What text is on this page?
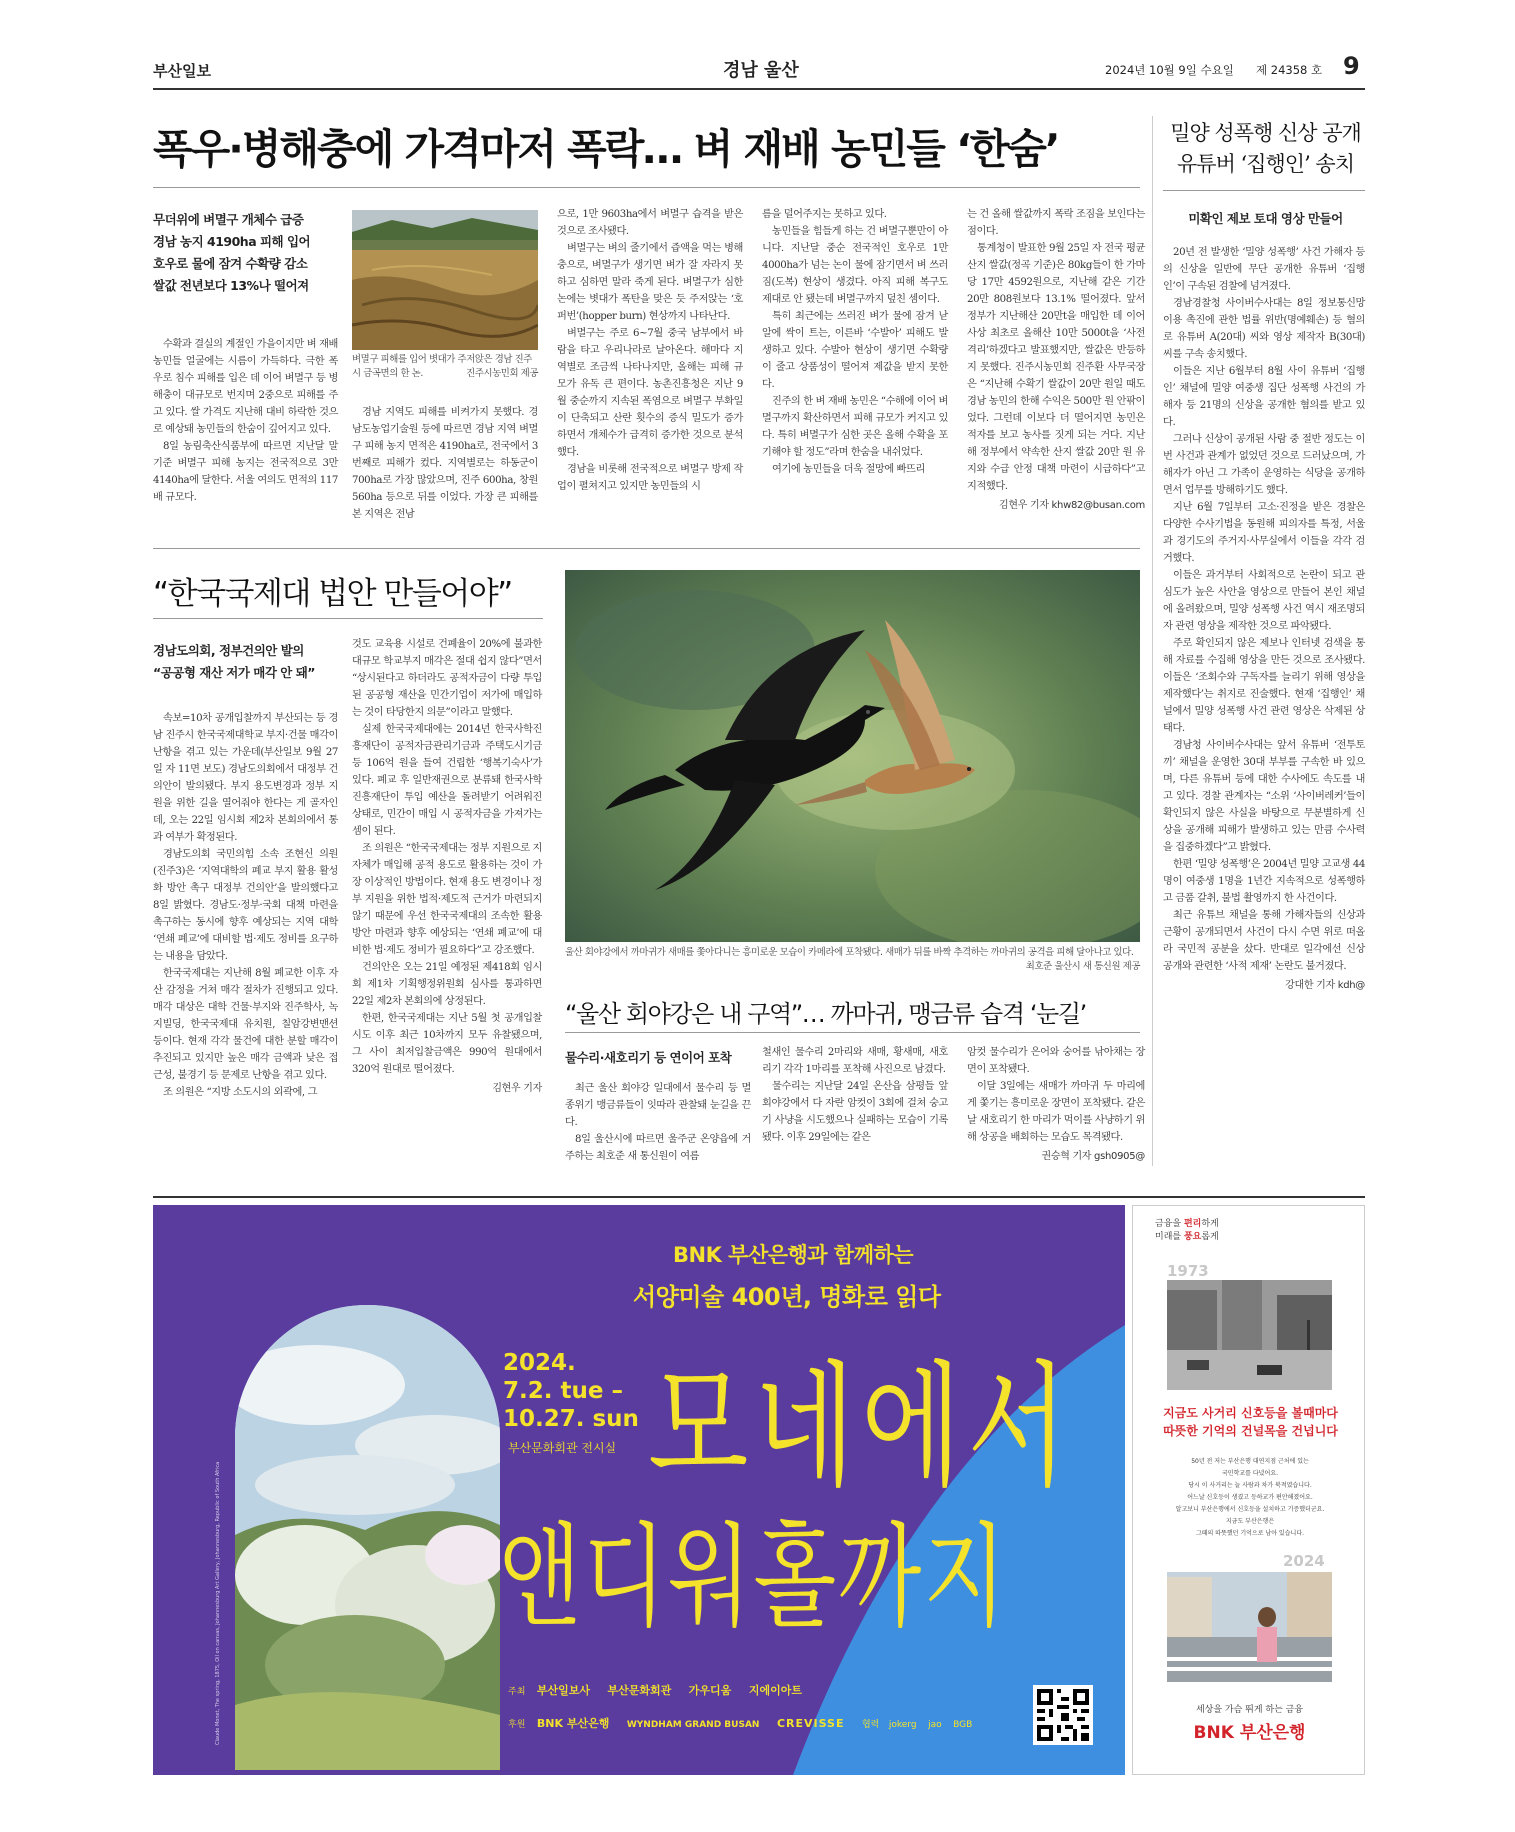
부산일보	경남 울산	2024년 10월 9일 수요일 제 24358 호 9
폭우·병해충에 가격마저 폭락… 벼 재배 농민들 ‘한숨’
무더위에 벼멸구 개체수 급증
경남 농지 4190ha 피해 입어
호우로 물에 잠겨 수확량 감소
쌀값 전년보다 13%나 떨어져

수확과 결실의 계절인 가을이지만 벼 재배 농민들 얼굴에는 시름이 가득하다. 극한 폭우로 침수 피해를 입은 데 이어 벼멸구 등 병해충이 대규모로 번지며 2중으로 피해를 주고 있다. 쌀 가격도 지난해 대비 하락한 것으로 예상돼 농민들의 한숨이 깊어지고 있다.

8일 농림축산식품부에 따르면 지난달 말 기준 벼멸구 피해 농지는 전국적으로 3만 4140ha에 달한다. 서울 여의도 면적의 117배 규모다.

벼멸구 피해를 입어 볏대가 주저앉은 경남 진주시 금곡면의 한 논.	진주시농민회 제공

경남 지역도 피해를 비켜가지 못했다. 경남도농업기술원 등에 따르면 경남 지역 벼멸구 피해 농지 면적은 4190ha로, 전국에서 3번째로 피해가 컸다. 지역별로는 하동군이 700ha로 가장 많았으며, 진주 600ha, 창원 560ha 등으로 뒤를 이었다. 가장 큰 피해를 본 지역은 전남

으로, 1만 9603ha에서 벼멸구 습격을 받은 것으로 조사됐다.

벼멸구는 벼의 줄기에서 즙액을 먹는 병해충으로, 벼멸구가 생기면 벼가 잘 자라지 못하고 심하면 말라 죽게 된다. 벼멸구가 심한 논에는 볏대가 폭탄을 맞은 듯 주저앉는 ‘호퍼번’(hopper burn) 현상까지 나타난다.

벼멸구는 주로 6~7월 중국 남부에서 바람을 타고 우리나라로 날아온다. 해마다 지역별로 조금씩 나타나지만, 올해는 피해 규모가 유독 큰 편이다. 농촌진흥청은 지난 9월 중순까지 지속된 폭염으로 벼멸구 부화일이 단축되고 산란 횟수의 증식 밀도가 증가하면서 개체수가 급격히 증가한 것으로 분석했다.

경남을 비롯해 전국적으로 벼멸구 방제 작업이 펼쳐지고 있지만 농민들의 시

름을 덜어주지는 못하고 있다.

농민들을 힘들게 하는 건 벼멸구뿐만이 아니다. 지난달 중순 전국적인 호우로 1만 4000ha가 넘는 논이 물에 잠기면서 벼 쓰러짐(도복) 현상이 생겼다. 아직 피해 복구도 제대로 안 됐는데 벼멸구까지 덮친 셈이다.

특히 최근에는 쓰러진 벼가 물에 잠겨 낟알에 싹이 트는, 이른바 ‘수발아’ 피해도 발생하고 있다. 수발아 현상이 생기면 수확량이 줄고 상품성이 떨어져 제값을 받지 못한다.

진주의 한 벼 재배 농민은 “수해에 이어 벼멸구까지 확산하면서 피해 규모가 커지고 있다. 특히 벼멸구가 심한 곳은 올해 수확을 포기해야 할 정도”라며 한숨을 내쉬었다.

여기에 농민들을 더욱 절망에 빠뜨리

는 건 올해 쌀값까지 폭락 조짐을 보인다는 점이다.

통계청이 발표한 9월 25일 자 전국 평균 산지 쌀값(정곡 기준)은 80kg들이 한 가마당 17만 4592원으로, 지난해 같은 기간 20만 808원보다 13.1% 떨어졌다. 앞서 정부가 지난해산 20만t을 매입한 데 이어 사상 최초로 올해산 10만 5000t을 ‘사전 격리’하겠다고 발표했지만, 쌀값은 반등하지 못했다. 진주시농민회 진주환 사무국장은 “지난해 수확기 쌀값이 20만 원일 때도 경남 농민의 한해 수익은 500만 원 안팎이었다. 그런데 이보다 더 떨어지면 농민은 적자를 보고 농사를 짓게 되는 거다. 지난해 정부에서 약속한 산지 쌀값 20만 원 유지와 수급 안정 대책 마련이 시급하다”고 지적했다.

김현우 기자 khw82@busan.com
“한국국제대 법안 만들어야”
경남도의회, 정부건의안 발의
“공공형 재산 저가 매각 안 돼”

속보=10차 공개입찰까지 부산되는 등 경남 진주시 한국국제대학교 부지·건물 매각이 난항을 겪고 있는 가운데(부산일보 9월 27일 자 11면 보도) 경남도의회에서 대정부 건의안이 발의됐다. 부지 용도변경과 정부 지원을 위한 길을 열어줘야 한다는 게 골자인데, 오는 22일 임시회 제2차 본회의에서 통과 여부가 확정된다.

경남도의회 국민의힘 소속 조현신 의원(진주3)은 ‘지역대학의 폐교 부지 활용 활성화 방안 촉구 대정부 건의안’을 발의했다고 8일 밝혔다. 경남도·정부·국회 대책 마련을 촉구하는 동시에 향후 예상되는 지역 대학 ‘연쇄 폐교’에 대비할 법·제도 정비를 요구하는 내용을 담았다.

한국국제대는 지난해 8월 폐교한 이후 자산 감정을 거쳐 매각 절차가 진행되고 있다. 매각 대상은 대학 건물·부지와 진주학사, 녹지빌딩, 한국국제대 유치원, 칠암강변맨션 등이다. 현재 각각 물건에 대한 분할 매각이 추진되고 있지만 높은 매각 금액과 낮은 접근성, 불경기 등 문제로 난항을 겪고 있다.

조 의원은 “지방 소도시의 외곽에, 그

것도 교육용 시설로 건폐율이 20%에 불과한 대규모 학교부지 매각은 절대 쉽지 않다”면서 “상시된다고 하더라도 공적자금이 다량 투입된 공공형 재산을 민간기업이 저가에 매입하는 것이 타당한지 의문”이라고 말했다.

실제 한국국제대에는 2014년 한국사학진흥재단이 공적자금관리기금과 주택도시기금 등 106억 원을 들여 건립한 ‘행복기숙사’가 있다. 폐교 후 일반재권으로 분류돼 한국사학진흥재단이 투입 예산을 돌려받기 어려워진 상태로, 민간이 매입 시 공적자금을 가져가는 셈이 된다.

조 의원은 “한국국제대는 정부 지원으로 지자체가 매입해 공적 용도로 활용하는 것이 가장 이상적인 방법이다. 현재 용도 변경이나 정부 지원을 위한 법적·제도적 근거가 마련되지 않기 때문에 우선 한국국제대의 조속한 활용 방안 마련과 향후 예상되는 ‘연쇄 폐교’에 대비한 법·제도 정비가 필요하다”고 강조했다.

건의안은 오는 21일 예정된 제418회 임시회 제1차 기획행정위원회 심사를 통과하면 22일 제2차 본회의에 상정된다.

한편, 한국국제대는 지난 5월 첫 공개입찰 시도 이후 최근 10차까지 모두 유찰됐으며, 그 사이 최저입찰금액은 990억 원대에서 320억 원대로 떨어졌다.

김현우 기자
울산 회야강에서 까마귀가 새매를 쫓아다니는 흥미로운 모습이 카메라에 포착됐다. 새매가 뒤를 바짝 추격하는 까마귀의 공격을 피해 달아나고 있다.
최호준 울산시 새 통신원 제공
“울산 회야강은 내 구역”… 까마귀, 맹금류 습격 ‘눈길’
물수리·새호리기 등 연이어 포착

최근 울산 회야강 일대에서 물수리 등 멸종위기 맹금류들이 잇따라 관찰돼 눈길을 끈다.

8일 울산시에 따르면 울주군 온양읍에 거주하는 최호준 새 통신원이 여름

철새인 물수리 2마리와 새매, 황새매, 새호리기 각각 1마리를 포착해 사진으로 남겼다.

물수리는 지난달 24일 온산읍 삼평들 앞 회야강에서 다 자란 암컷이 3회에 걸쳐 숭고기 사냥을 시도했으나 실패하는 모습이 기록됐다. 이후 29일에는 같은

암컷 물수리가 은어와 숭어를 낚아채는 장면이 포착됐다.

이달 3일에는 새매가 까마귀 두 마리에게 쫓기는 흥미로운 장면이 포착됐다. 같은 날 새호리기 한 마리가 먹이를 사냥하기 위해 상공을 배회하는 모습도 목격됐다.

권승혁 기자 gsh0905@
밀양 성폭행 신상 공개 유튜버 ‘집행인’ 송치
미확인 제보 토대 영상 만들어

20년 전 발생한 ‘밀양 성폭행’ 사건 가해자 등의 신상을 일반에 무단 공개한 유튜버 ‘집행인’이 구속된 검찰에 넘겨졌다.

경남경찰청 사이버수사대는 8일 정보통신망 이용 촉진에 관한 법률 위반(명예훼손) 등 혐의로 유튜버 A(20대) 씨와 영상 제작자 B(30대) 씨를 구속 송치했다.

이들은 지난 6월부터 8월 사이 유튜버 ‘집행인’ 채널에 밀양 여중생 집단 성폭행 사건의 가해자 등 21명의 신상을 공개한 혐의를 받고 있다.

그러나 신상이 공개된 사람 중 절반 정도는 이번 사건과 관계가 없었던 것으로 드러났으며, 가해자가 아닌 그 가족이 운영하는 식당을 공개하면서 업무를 방해하기도 했다.

지난 6월 7일부터 고소·진정을 받은 경찰은 다양한 수사기법을 동원해 피의자를 특정, 서울과 경기도의 주거지·사무실에서 이들을 각각 검거했다.

이들은 과거부터 사회적으로 논란이 되고 관심도가 높은 사안을 영상으로 만들어 본인 채널에 올려왔으며, 밀양 성폭행 사건 역시 재조명되자 관련 영상을 제작한 것으로 파악됐다.

주로 확인되지 않은 제보나 인터넷 검색을 통해 자료를 수집해 영상을 만든 것으로 조사됐다. 이들은 ‘조회수와 구독자를 늘리기 위해 영상을 제작했다’는 취지로 진술했다. 현재 ‘집행인’ 채널에서 밀양 성폭행 사건 관련 영상은 삭제된 상태다.

경남청 사이버수사대는 앞서 유튜버 ‘전투토끼’ 채널을 운영한 30대 부부를 구속한 바 있으며, 다른 유튜버 등에 대한 수사에도 속도를 내고 있다. 경찰 관계자는 “소위 ‘사이버레커’들이 확인되지 않은 사실을 바탕으로 무분별하게 신상을 공개해 피해가 발생하고 있는 만큼 수사력을 집중하겠다”고 밝혔다.

한편 ‘밀양 성폭행’은 2004년 밀양 고교생 44명이 여중생 1명을 1년간 지속적으로 성폭행하고 금품 갈취, 불법 촬영까지 한 사건이다.

최근 유튜브 채널을 통해 가해자들의 신상과 근황이 공개되면서 사건이 다시 수면 위로 떠올라 국민적 공분을 샀다. 반대로 일각에선 신상 공개와 관련한 ‘사적 제재’ 논란도 불거졌다.

강대한 기자 kdh@
BNK 부산은행과 함께하는
서양미술 400년, 명화로 읽다
Claude Monet, The spring, 1875, Oil on canvas, Johannesburg Art Gallery, Johannesburg, Republic of South Africa
2024.
7.2. tue –
10.27. sun
부산문화회관 전시실 모네에서
앤디워홀까지
주최 부산일보사 부산문화회관 가우디움 지에이아트
후원 BNK 부산은행 WYNDHAM GRAND BUSAN CREVISSE 협력 jokerg jao BGB
금융을 편리하게
미래를 풍요롭게
1973
지금도 사거리 신호등을 볼때마다 따뜻한 기억의 건널목을 건넙니다
50년 전 저는 부산은행 대연지점 근처에 있는
국민학교를 다녔어요.
당시 이 사거리는 늘 사람과 차가 북적였습니다.
어느날 신호등이 생겼고 등하교가 편안해졌어요.
알고보니 부산은행에서 신호등을 설치하고 기증했더군요.
지금도 부산은행은
그때의 따뜻했던 기억으로 남아 있습니다.
2024
세상을 가슴 뛰게 하는 금융
BNK 부산은행
